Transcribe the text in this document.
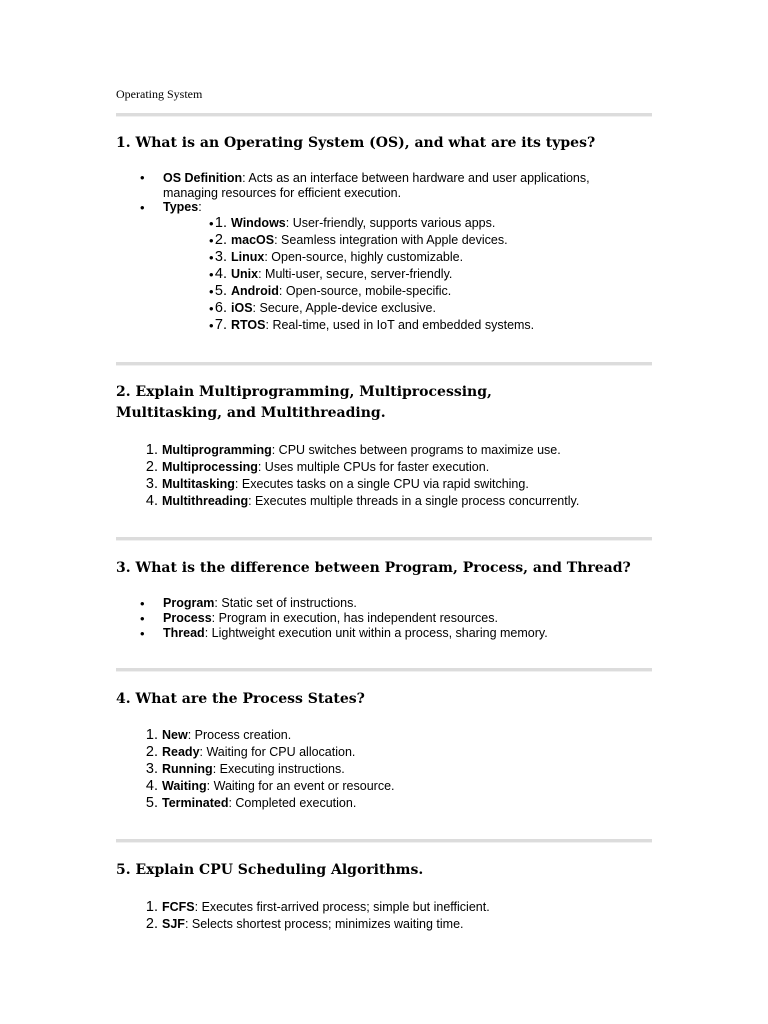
Operating System
1. What is an Operating System (OS), and what are its types?
• OS Definition: Acts as an interface between hardware and user applications, managing resources for efficient execution.
• Types:
• 1. Windows: User-friendly, supports various apps.
• 2. macOS: Seamless integration with Apple devices.
• 3. Linux: Open-source, highly customizable.
• 4. Unix: Multi-user, secure, server-friendly.
• 5. Android: Open-source, mobile-specific.
• 6. iOS: Secure, Apple-device exclusive.
• 7. RTOS: Real-time, used in IoT and embedded systems.
2. Explain Multiprogramming, Multiprocessing, Multitasking, and Multithreading.
1. Multiprogramming: CPU switches between programs to maximize use.
2. Multiprocessing: Uses multiple CPUs for faster execution.
3. Multitasking: Executes tasks on a single CPU via rapid switching.
4. Multithreading: Executes multiple threads in a single process concurrently.
3. What is the difference between Program, Process, and Thread?
• Program: Static set of instructions.
• Process: Program in execution, has independent resources.
• Thread: Lightweight execution unit within a process, sharing memory.
4. What are the Process States?
1. New: Process creation.
2. Ready: Waiting for CPU allocation.
3. Running: Executing instructions.
4. Waiting: Waiting for an event or resource.
5. Terminated: Completed execution.
5. Explain CPU Scheduling Algorithms.
1. FCFS: Executes first-arrived process; simple but inefficient.
2. SJF: Selects shortest process; minimizes waiting time.
